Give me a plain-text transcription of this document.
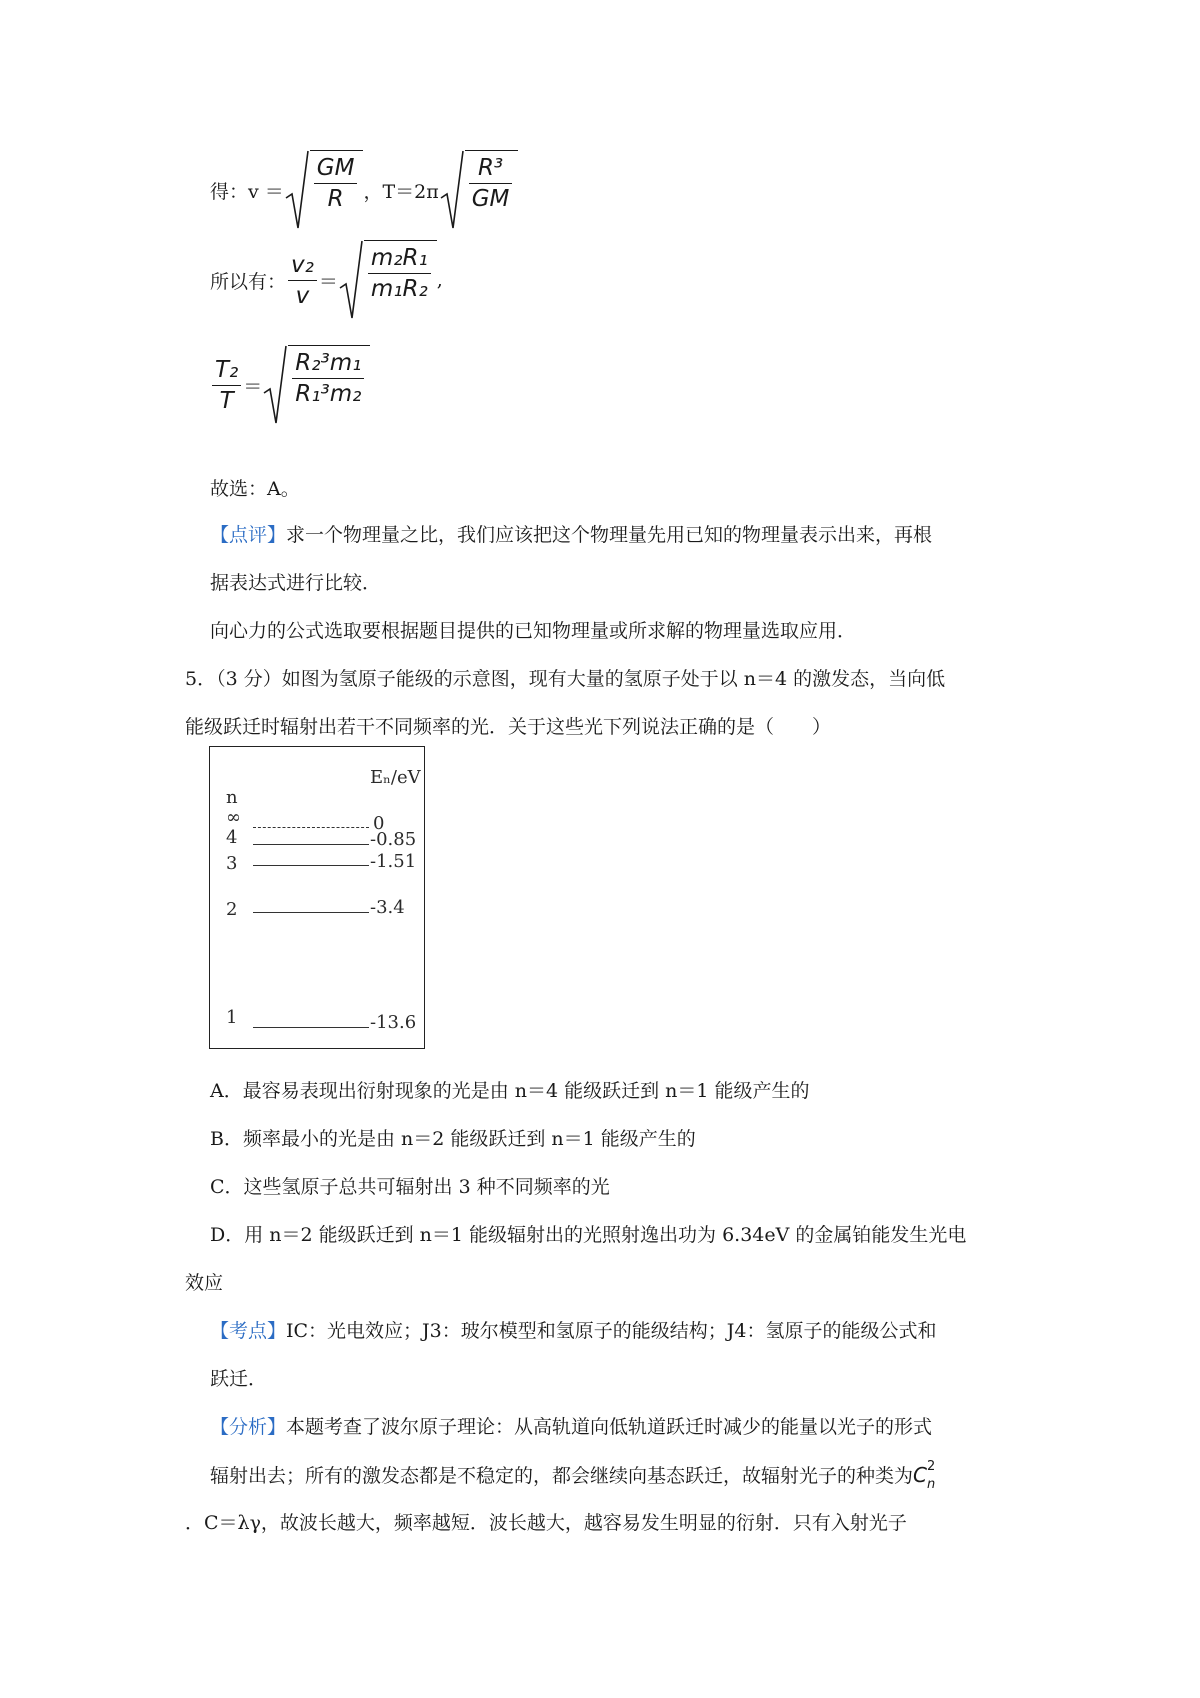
得：$v = \frac{GM}{R}$ ，$T=2\pi \frac{\text{R³}}{GM}$
所以有： $\frac{\text{v₂}}{v} = \frac{\text{m₂R₁}}{\text{m₁R₂}}$ ,
$\frac{\text{T₂}}{T} = \frac{\text{R₂³m₁}}{\text{R₁³m₂}}$
故选：A。
【点评】求一个物理量之比，我们应该把这个物理量先用已知的物理量表示出来，再根
据表达式进行比较．
向心力的公式选取要根据题目提供的已知物理量或所求解的物理量选取应用．
5．（3 分）如图为氢原子能级的示意图，现有大量的氢原子处于以 n＝4 的激发态，当向低
能级跃迁时辐射出若干不同频率的光．关于这些光下列说法正确的是（　　）
n
Eₙ/eV
∞	0
4	-0.85
3	-1.51
2	-3.4
1	-13.6
A．最容易表现出衍射现象的光是由 n＝4 能级跃迁到 n＝1 能级产生的
B．频率最小的光是由 n＝2 能级跃迁到 n＝1 能级产生的
C．这些氢原子总共可辐射出 3 种不同频率的光
D．用 n＝2 能级跃迁到 n＝1 能级辐射出的光照射逸出功为 6.34eV 的金属铂能发生光电
效应
【考点】IC：光电效应；J3：玻尔模型和氢原子的能级结构；J4：氢原子的能级公式和
跃迁．
【分析】本题考查了波尔原子理论：从高轨道向低轨道跃迁时减少的能量以光子的形式
辐射出去；所有的激发态都是不稳定的，都会继续向基态跃迁，故辐射光子的种类为C 2
n
．C＝λγ，故波长越大，频率越短．波长越大，越容易发生明显的衍射．只有入射光子
